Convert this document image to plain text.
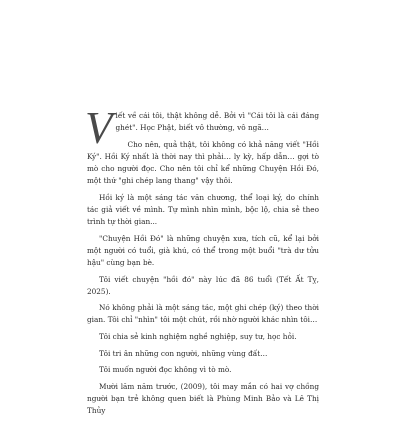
Viết về cái tôi, thật không dễ. Bởi vì "Cái tôi là cái đáng ghét". Học Phật, biết vô thường, vô ngã…

Cho nên, quả thật, tôi không có khả năng viết "Hồi Ký". Hồi Ký nhất là thời nay thì phải… ly kỳ, hấp dẫn… gợi tò mò cho người đọc. Cho nên tôi chỉ kể những Chuyện Hồi Đó, một thứ "ghi chép lang thang" vậy thôi.

Hồi ký là một sáng tác văn chương, thể loại ký, do chính tác giả viết về mình. Tự mình nhìn mình, bộc lộ, chia sẻ theo trình tự thời gian...

"Chuyện Hồi Đó" là những chuyện xưa, tích cũ, kể lại bởi một người có tuổi, già khú, có thể trong một buổi "trà dư tửu hậu" cùng bạn bè.

Tôi viết chuyện "hồi đó" này lúc đã 86 tuổi (Tết Ất Tỵ, 2025).

Nó không phải là một sáng tác, một ghi chép (ký) theo thời gian. Tôi chỉ "nhìn" tôi một chút, rồi nhờ người khác nhìn tôi…

Tôi chia sẻ kinh nghiệm nghề nghiệp, suy tư, học hỏi.

Tôi tri ân những con người, những vùng đất…

Tôi muốn người đọc không vì tò mò.

Mười lăm năm trước, (2009), tôi may mắn có hai vợ chồng người bạn trẻ không quen biết là Phùng Minh Bảo và Lê Thị Thủy
